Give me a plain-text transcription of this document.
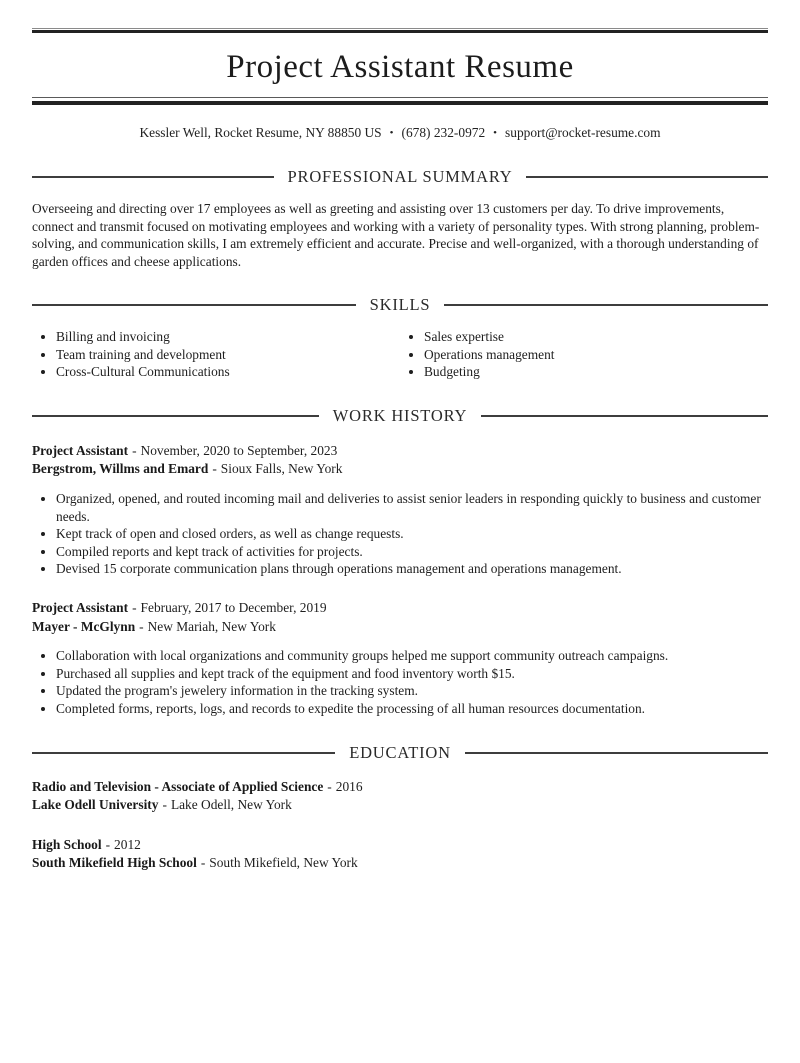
Project Assistant Resume

Kessler Well, Rocket Resume, NY 88850 US • (678) 232-0972 • support@rocket-resume.com

PROFESSIONAL SUMMARY

Overseeing and directing over 17 employees as well as greeting and assisting over 13 customers per day. To drive improvements, connect and transmit focused on motivating employees and working with a variety of personality types. With strong planning, problem-solving, and communication skills, I am extremely efficient and accurate. Precise and well-organized, with a thorough understanding of garden offices and cheese applications.

SKILLS
• Billing and invoicing
• Team training and development
• Cross-Cultural Communications
• Sales expertise
• Operations management
• Budgeting
WORK HISTORY

Project Assistant - November, 2020 to September, 2023

Bergstrom, Willms and Emard - Sioux Falls, New York

• Organized, opened, and routed incoming mail and deliveries to assist senior leaders in responding quickly to business and customer needs.
• Kept track of open and closed orders, as well as change requests.
• Compiled reports and kept track of activities for projects.
• Devised 15 corporate communication plans through operations management and operations management.

Project Assistant - February, 2017 to December, 2019

Mayer - McGlynn - New Mariah, New York

• Collaboration with local organizations and community groups helped me support community outreach campaigns.
• Purchased all supplies and kept track of the equipment and food inventory worth $15.
• Updated the program's jewelery information in the tracking system.
• Completed forms, reports, logs, and records to expedite the processing of all human resources documentation.
EDUCATION

Radio and Television - Associate of Applied Science - 2016

Lake Odell University - Lake Odell, New York

High School - 2012

South Mikefield High School - South Mikefield, New York
